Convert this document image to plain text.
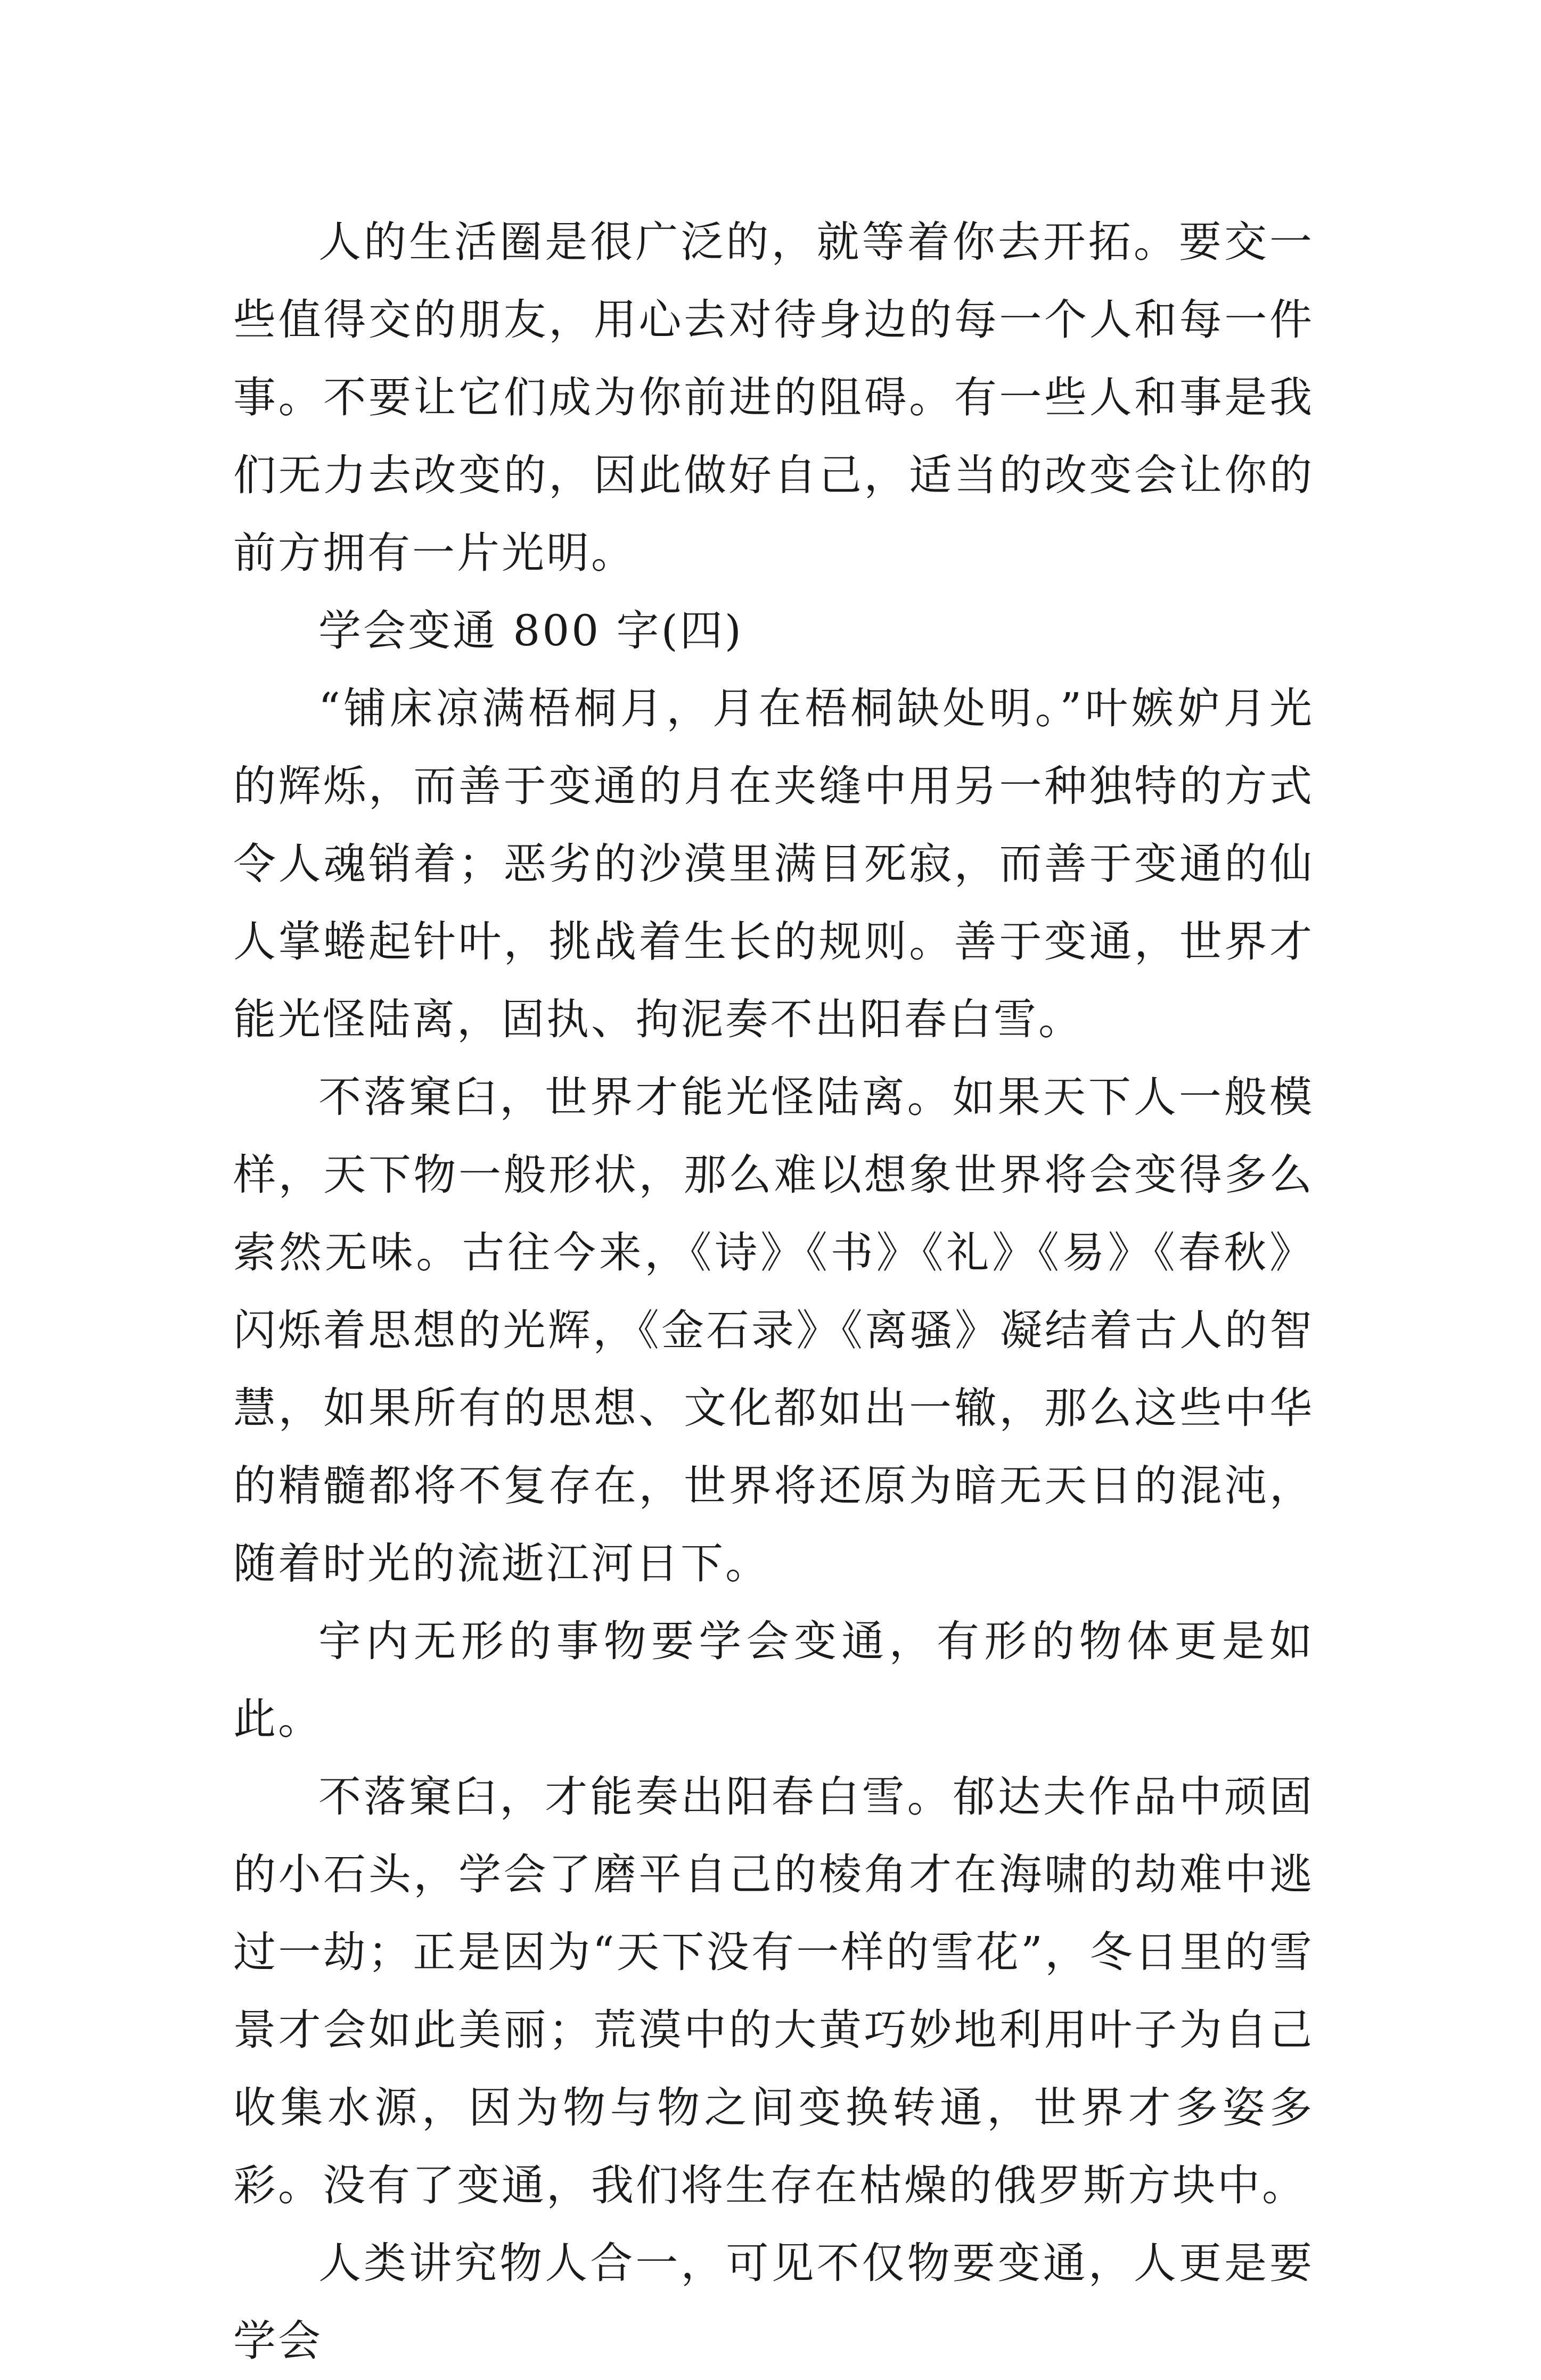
人的生活圈是很广泛的，就等着你去开拓。要交一些值得交的朋友，用心去对待身边的每一个人和每一件事。不要让它们成为你前进的阻碍。有一些人和事是我们无力去改变的，因此做好自己，适当的改变会让你的前方拥有一片光明。

学会变通 800 字(四)

“铺床凉满梧桐月，月在梧桐缺处明。”叶嫉妒月光的辉烁，而善于变通的月在夹缝中用另一种独特的方式令人魂销着；恶劣的沙漠里满目死寂，而善于变通的仙人掌蜷起针叶，挑战着生长的规则。善于变通，世界才能光怪陆离，固执、拘泥奏不出阳春白雪。

不落窠臼，世界才能光怪陆离。如果天下人一般模样，天下物一般形状，那么难以想象世界将会变得多么索然无味。古往今来，《诗》《书》《礼》《易》《春秋》闪烁着思想的光辉，《金石录》《离骚》凝结着古人的智慧，如果所有的思想、文化都如出一辙，那么这些中华的精髓都将不复存在，世界将还原为暗无天日的混沌，随着时光的流逝江河日下。

宇内无形的事物要学会变通，有形的物体更是如此。

不落窠臼，才能奏出阳春白雪。郁达夫作品中顽固的小石头，学会了磨平自己的棱角才在海啸的劫难中逃过一劫；正是因为“天下没有一样的雪花”，冬日里的雪景才会如此美丽；荒漠中的大黄巧妙地利用叶子为自己收集水源，因为物与物之间变换转通，世界才多姿多彩。没有了变通，我们将生存在枯燥的俄罗斯方块中。

人类讲究物人合一，可见不仅物要变通，人更是要学会
